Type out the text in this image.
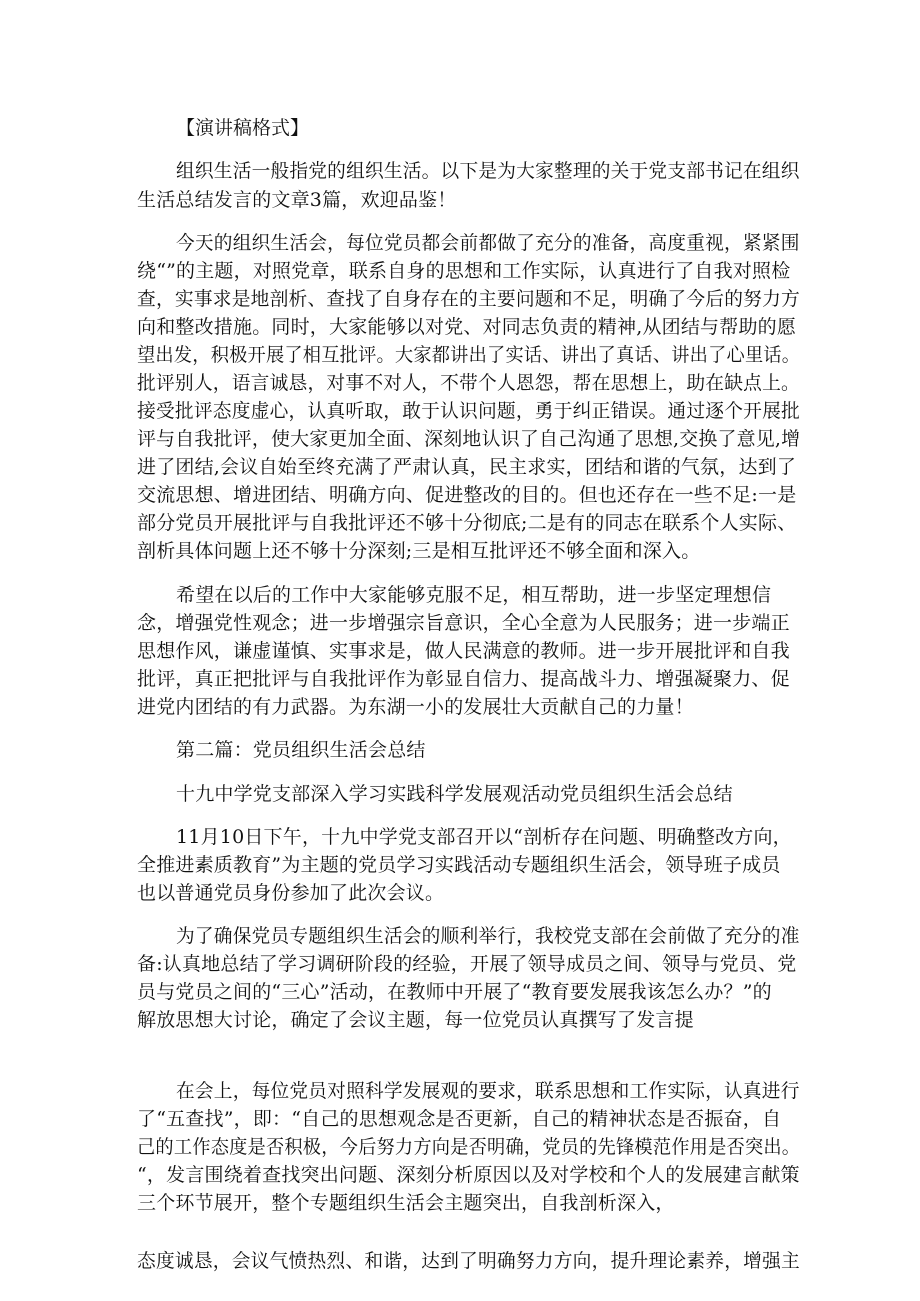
【演讲稿格式】
组织生活一般指党的组织生活。以下是为大家整理的关于党支部书记在组织
生活总结发言的文章3篇，欢迎品鉴！
今天的组织生活会，每位党员都会前都做了充分的准备，高度重视，紧紧围
绕“”的主题，对照党章，联系自身的思想和工作实际，认真进行了自我对照检
查，实事求是地剖析、查找了自身存在的主要问题和不足，明确了今后的努力方
向和整改措施。同时，大家能够以对党、对同志负责的精神,从团结与帮助的愿
望出发，积极开展了相互批评。大家都讲出了实话、讲出了真话、讲出了心里话。
批评别人，语言诚恳，对事不对人，不带个人恩怨，帮在思想上，助在缺点上。
接受批评态度虚心，认真听取，敢于认识问题，勇于纠正错误。通过逐个开展批
评与自我批评，使大家更加全面、深刻地认识了自己沟通了思想,交换了意见,增
进了团结,会议自始至终充满了严肃认真，民主求实，团结和谐的气氛，达到了
交流思想、增进团结、明确方向、促进整改的目的。但也还存在一些不足:一是
部分党员开展批评与自我批评还不够十分彻底;二是有的同志在联系个人实际、
剖析具体问题上还不够十分深刻;三是相互批评还不够全面和深入。
希望在以后的工作中大家能够克服不足，相互帮助，进一步坚定理想信
念，增强党性观念；进一步增强宗旨意识，全心全意为人民服务；进一步端正
思想作风，谦虚谨慎、实事求是，做人民满意的教师。进一步开展批评和自我
批评，真正把批评与自我批评作为彰显自信力、提高战斗力、增强凝聚力、促
进党内团结的有力武器。为东湖一小的发展壮大贡献自己的力量！
第二篇：党员组织生活会总结
十九中学党支部深入学习实践科学发展观活动党员组织生活会总结
11月10日下午，十九中学党支部召开以“剖析存在问题、明确整改方向，
全推进素质教育”为主题的党员学习实践活动专题组织生活会，领导班子成员
也以普通党员身份参加了此次会议。
为了确保党员专题组织生活会的顺利举行，我校党支部在会前做了充分的准
备:认真地总结了学习调研阶段的经验，开展了领导成员之间、领导与党员、党
员与党员之间的“三心”活动，在教师中开展了“教育要发展我该怎么办？”的
解放思想大讨论，确定了会议主题，每一位党员认真撰写了发言提
在会上，每位党员对照科学发展观的要求，联系思想和工作实际，认真进行
了“五查找”，即：“自己的思想观念是否更新，自己的精神状态是否振奋，自
己的工作态度是否积极，今后努力方向是否明确，党员的先锋模范作用是否突出。
“，发言围绕着查找突出问题、深刻分析原因以及对学校和个人的发展建言献策
三个环节展开，整个专题组织生活会主题突出，自我剖析深入，
态度诚恳，会议气愤热烈、和谐，达到了明确努力方向，提升理论素养，增强主
